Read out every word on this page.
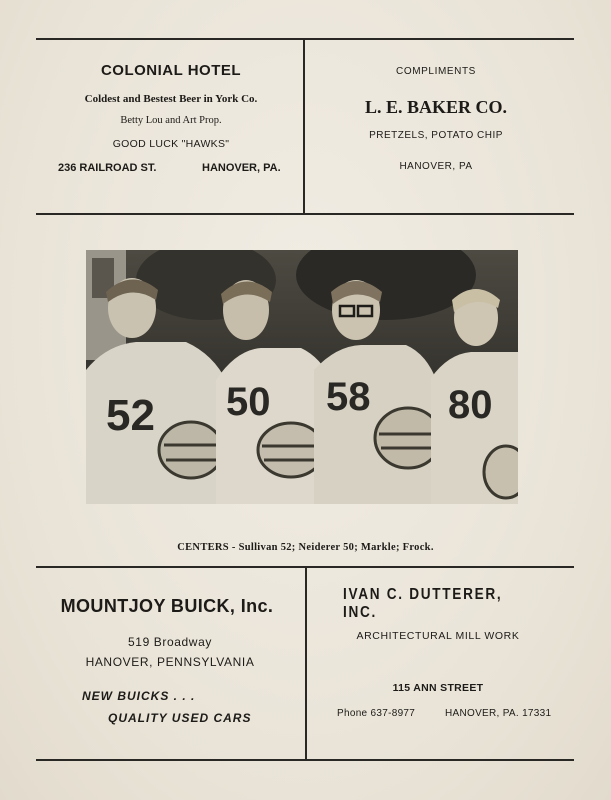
COLONIAL HOTEL
Coldest and Bestest Beer in York Co.
Betty Lou and Art Prop.
GOOD LUCK "HAWKS"
236 RAILROAD ST.	HANOVER, PA.
COMPLIMENTS
L. E. BAKER CO.
PRETZELS, POTATO CHIP
HANOVER, PA
52 50 58 80
CENTERS - Sullivan 52; Neiderer 50; Markle; Frock.
MOUNTJOY BUICK, Inc.
519 Broadway
HANOVER, PENNSYLVANIA
NEW BUICKS . . .
QUALITY USED CARS
IVAN C. DUTTERER, INC.
ARCHITECTURAL MILL WORK
115 ANN STREET
Phone 637-8977	HANOVER, PA. 17331
